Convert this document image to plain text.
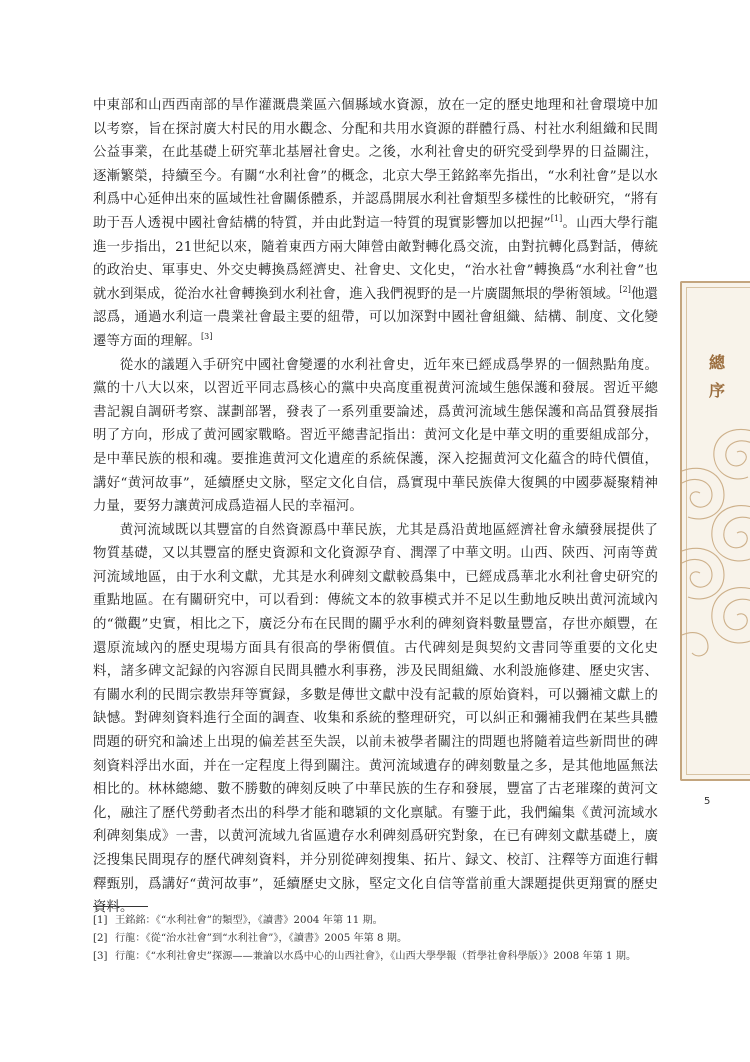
中東部和山西西南部的旱作灌溉農業區六個縣域水資源，放在一定的歷史地理和社會環境中加以考察，旨在探討廣大村民的用水觀念、分配和共用水資源的群體行爲、村社水利組織和民間公益事業，在此基礎上研究華北基層社會史。之後，水利社會史的研究受到學界的日益關注，逐漸繁榮，持續至今。有關“水利社會”的概念，北京大學王銘銘率先指出，“水利社會”是以水利爲中心延伸出來的區域性社會關係體系，并認爲開展水利社會類型多樣性的比較研究，“將有助于吾人透視中國社會結構的特質，并由此對這一特質的現實影響加以把握”[1]。山西大學行龍進一步指出，21世紀以來，隨着東西方兩大陣營由敵對轉化爲交流，由對抗轉化爲對話，傳統的政治史、軍事史、外交史轉換爲經濟史、社會史、文化史，“治水社會”轉換爲“水利社會”也就水到渠成，從治水社會轉換到水利社會，進入我們視野的是一片廣闊無垠的學術領域。[2]他還認爲，通過水利這一農業社會最主要的紐帶，可以加深對中國社會組織、結構、制度、文化變遷等方面的理解。[3]

從水的議題入手研究中國社會變遷的水利社會史，近年來已經成爲學界的一個熱點角度。黨的十八大以來，以習近平同志爲核心的黨中央高度重視黄河流域生態保護和發展。習近平總書記親自調研考察、謀劃部署，發表了一系列重要論述，爲黄河流域生態保護和高品質發展指明了方向，形成了黄河國家戰略。習近平總書記指出：黄河文化是中華文明的重要組成部分，是中華民族的根和魂。要推進黄河文化遺産的系統保護，深入挖掘黄河文化藴含的時代價值，講好“黄河故事”，延續歷史文脉，堅定文化自信，爲實現中華民族偉大復興的中國夢凝聚精神力量，要努力讓黄河成爲造福人民的幸福河。

黄河流域既以其豐富的自然資源爲中華民族，尤其是爲沿黄地區經濟社會永續發展提供了物質基礎，又以其豐富的歷史資源和文化資源孕育、潤澤了中華文明。山西、陝西、河南等黄河流域地區，由于水利文獻，尤其是水利碑刻文獻較爲集中，已經成爲華北水利社會史研究的重點地區。在有關研究中，可以看到：傳統文本的敘事模式并不足以生動地反映出黄河流域內的“微觀”史實，相比之下，廣泛分布在民間的關乎水利的碑刻資料數量豐富，存世亦頗豐，在還原流域內的歷史現場方面具有很高的學術價值。古代碑刻是與契約文書同等重要的文化史料，諸多碑文記録的內容源自民間具體水利事務，涉及民間組織、水利設施修建、歷史灾害、有關水利的民間宗教崇拜等實録，多數是傳世文獻中没有記載的原始資料，可以彌補文獻上的缺憾。對碑刻資料進行全面的調查、收集和系統的整理研究，可以糾正和彌補我們在某些具體問題的研究和論述上出現的偏差甚至失誤，以前未被學者關注的問題也將隨着這些新問世的碑刻資料浮出水面，并在一定程度上得到關注。黄河流域遺存的碑刻數量之多，是其他地區無法相比的。林林總總、數不勝數的碑刻反映了中華民族的生存和發展，豐富了古老璀璨的黄河文化，融注了歷代勞動者杰出的科學才能和聰穎的文化禀賦。有鑒于此，我們編集《黄河流域水利碑刻集成》一書，以黄河流域九省區遺存水利碑刻爲研究對象，在已有碑刻文獻基礎上，廣泛搜集民間現存的歷代碑刻資料，并分别從碑刻搜集、拓片、録文、校訂、注釋等方面進行輯釋甄别，爲講好“黄河故事”，延續歷史文脉，堅定文化自信等當前重大課題提供更翔實的歷史資料。

[1] 王銘銘：《“水利社會”的類型》，《讀書》2004 年第 11 期。

[2] 行龍：《從“治水社會”到“水利社會”》，《讀書》2005 年第 8 期。

[3] 行龍：《“水利社會史”探源——兼論以水爲中心的山西社會》，《山西大學學報（哲學社會科學版）》2008 年第 1 期。

總
序
5
